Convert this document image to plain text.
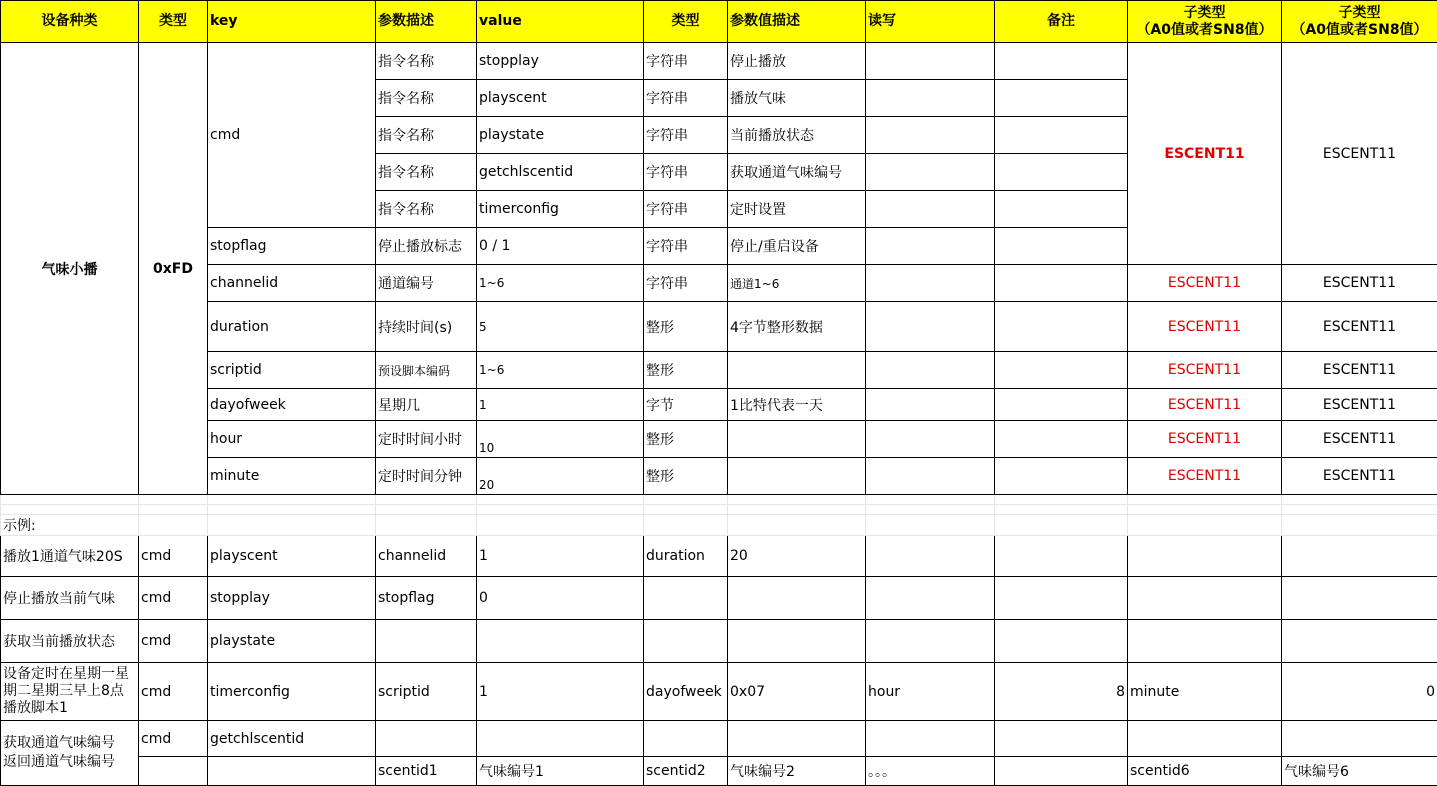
设备种类	类型	key	参数描述	value	类型	参数值描述	读写	备注	子类型
（A0值或者SN8值）	子类型
（A0值或者SN8值）
气味小播	0xFD	cmd	指令名称	stopplay	字符串	停止播放			ESCENT11	ESCENT11
			指令名称	playscent	字符串	播放气味				
			指令名称	playstate	字符串	当前播放状态				
			指令名称	getchlscentid	字符串	获取通道气味编号				
			指令名称	timerconfig	字符串	定时设置				
		stopflag	停止播放标志	0 / 1	字符串	停止/重启设备				
		channelid	通道编号	1~6	字符串	通道1~6			ESCENT11	ESCENT11
		duration	持续时间(s)	5	整形	4字节整形数据			ESCENT11	ESCENT11
		scriptid	预设脚本编码	1~6	整形				ESCENT11	ESCENT11
		dayofweek	星期几	1	字节	1比特代表一天			ESCENT11	ESCENT11
		hour	定时时间小时	10	整形				ESCENT11	ESCENT11
		minute	定时时间分钟	20	整形				ESCENT11	ESCENT11

示例:										
播放1通道气味20S	cmd	playscent	channelid	1	duration	20				
停止播放当前气味	cmd	stopplay	stopflag	0						
获取当前播放状态	cmd	playstate								
设备定时在星期一星期二星期三早上8点播放脚本1	cmd	timerconfig	scriptid	1	dayofweek	0x07	hour	8	minute	0
获取通道气味编号
返回通道气味编号	cmd	getchlscentid								
			scentid1	气味编号1	scentid2	气味编号2	。。。		scentid6	气味编号6
